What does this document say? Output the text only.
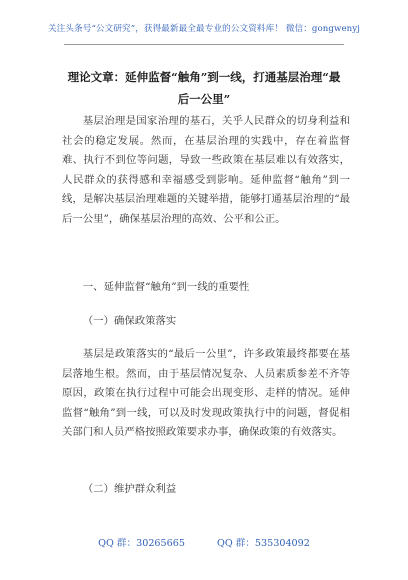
关注头条号“公文研究”，获得最新最全最专业的公文资料库！ 微信：gongwenyj
理论文章：延伸监督“触角”到一线，打通基层治理“最
后一公里”

基层治理是国家治理的基石，关乎人民群众的切身利益和社会的稳定发展。然而，在基层治理的实践中，存在着监督难、执行不到位等问题，导致一些政策在基层难以有效落实，人民群众的获得感和幸福感受到影响。延伸监督“触角”到一线，是解决基层治理难题的关键举措，能够打通基层治理的“最后一公里”，确保基层治理的高效、公平和公正。

一、延伸监督“触角”到一线的重要性
（一）确保政策落实

基层是政策落实的“最后一公里”，许多政策最终都要在基层落地生根。然而，由于基层情况复杂、人员素质参差不齐等原因，政策在执行过程中可能会出现变形、走样的情况。延伸监督“触角”到一线，可以及时发现政策执行中的问题，督促相关部门和人员严格按照政策要求办事，确保政策的有效落实。

（二）维护群众利益
QQ 群：30265665	QQ 群：535304092
